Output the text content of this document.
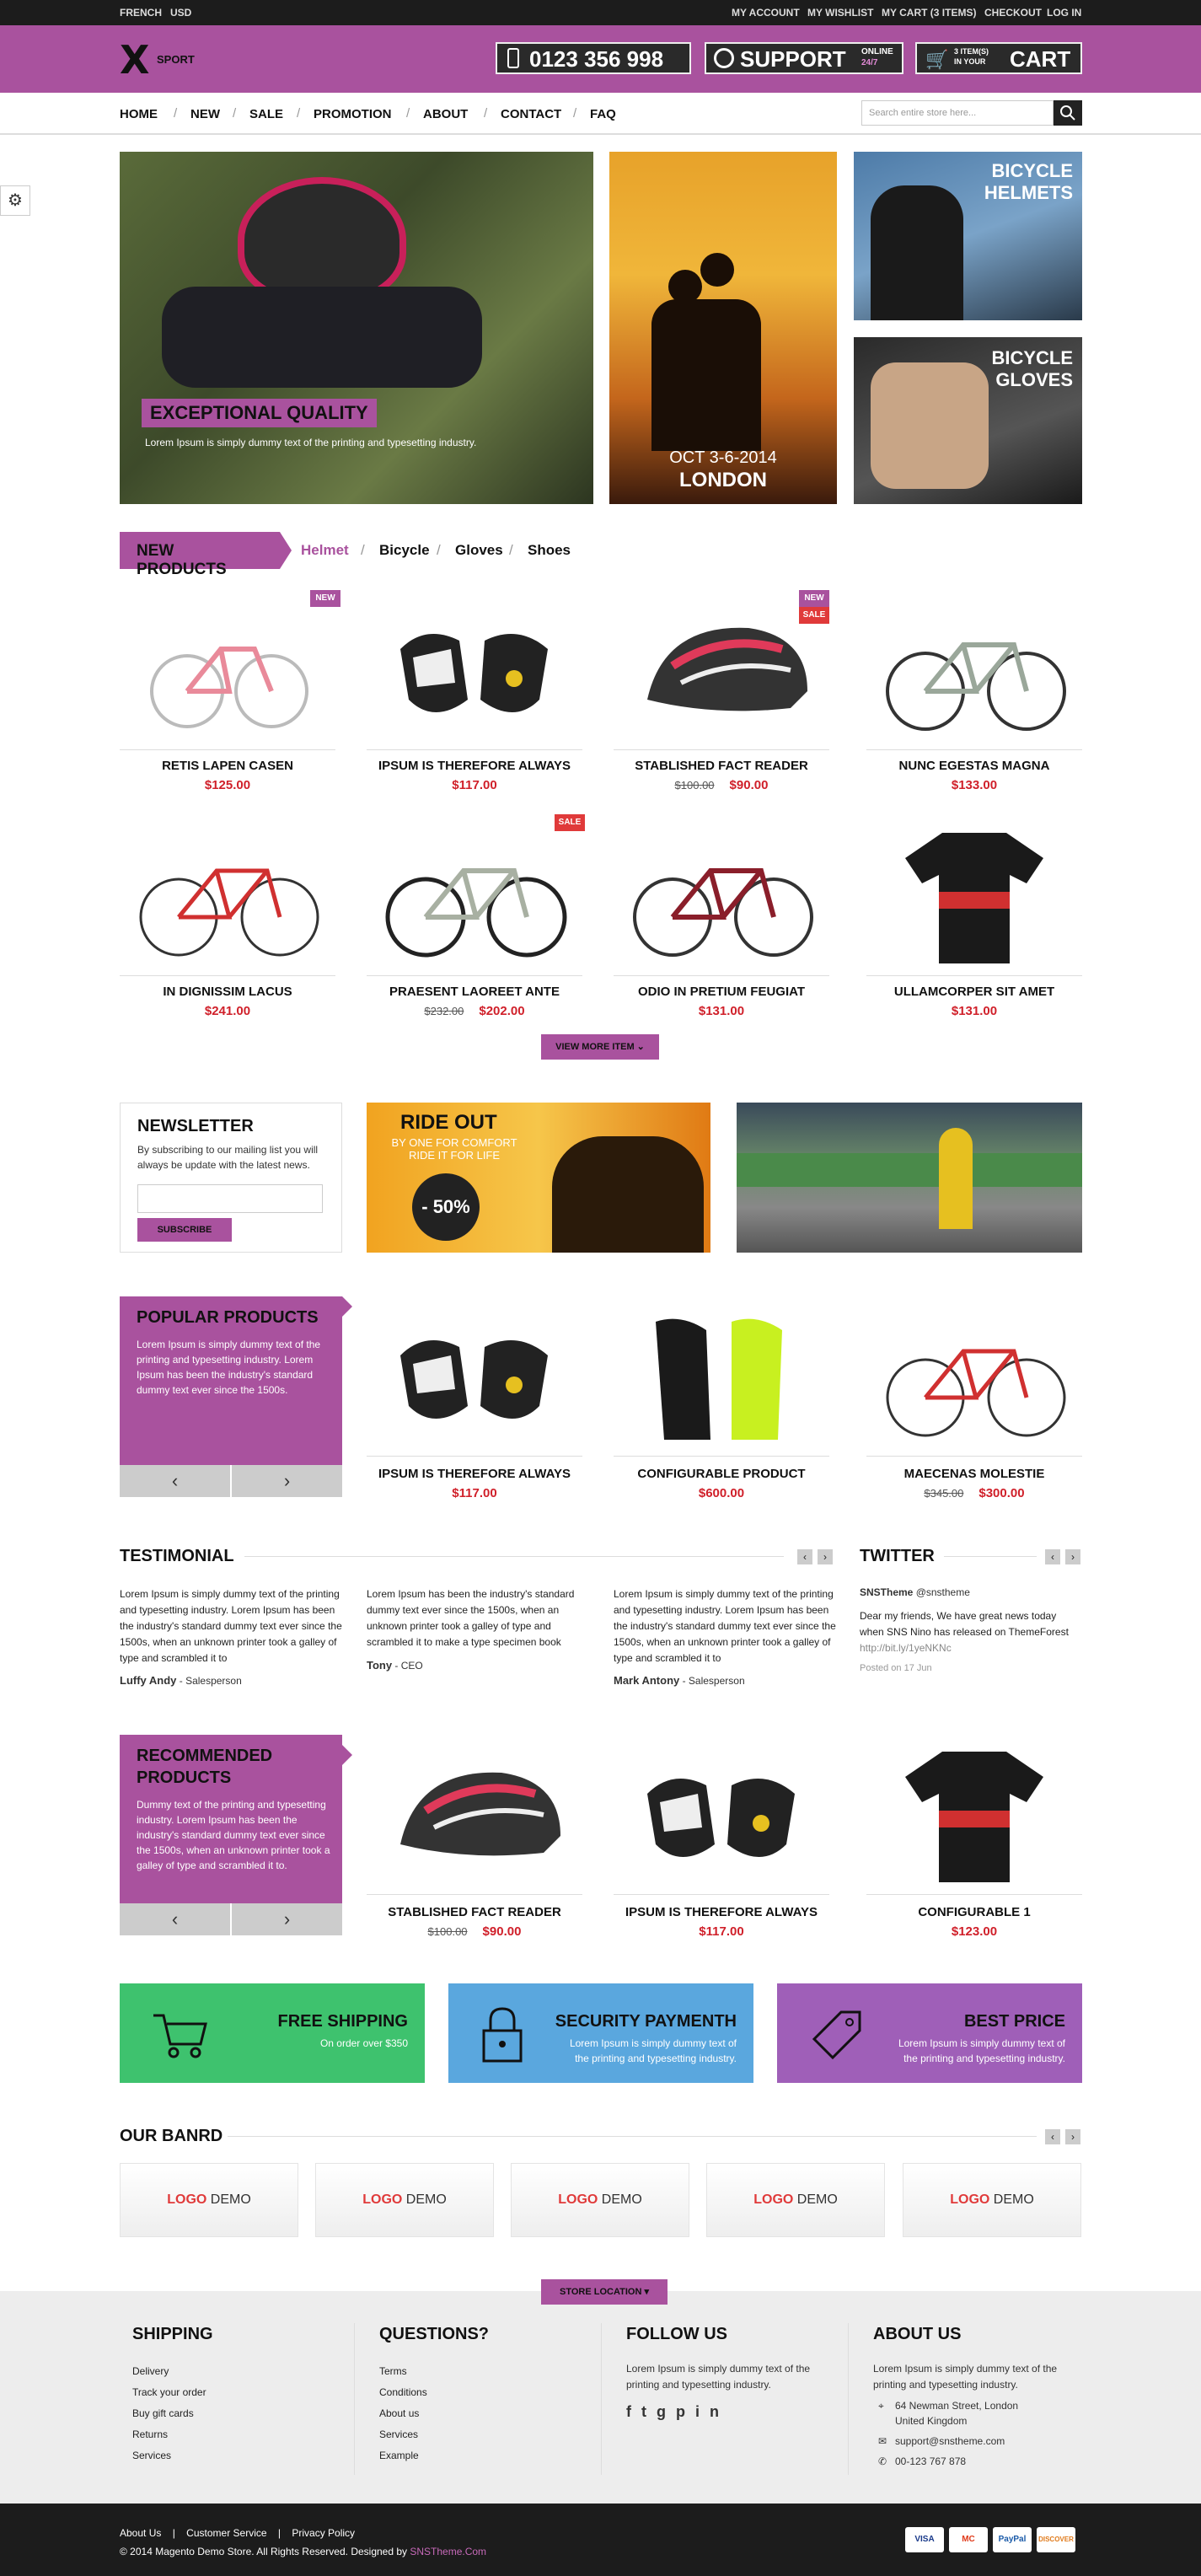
FRENCH USD	MY ACCOUNT MY WISHLIST MY CART (3 ITEMS) CHECKOUT LOG IN
X SPORT	0123 356 998	SUPPORT ONLINE
24/7	🛒 3 ITEM(S)
IN YOUR CART
HOME / NEW / SALE / PROMOTION / ABOUT / CONTACT / FAQ	Search entire store here...
⚙
EXCEPTIONAL QUALITY
Lorem Ipsum is simply dummy text of the printing and typesetting industry.
OCT 3-6-2014
LONDON
BICYCLE HELMETS
BICYCLE GLOVES
NEW PRODUCTS
Helmet / Bicycle / Gloves / Shoes
NEW
RETIS LAPEN CASEN
$125.00
IPSUM IS THEREFORE ALWAYS
$117.00
NEW
SALE
STABLISHED FACT READER
$100.00 $90.00
NUNC EGESTAS MAGNA
$133.00
IN DIGNISSIM LACUS
$241.00
SALE
PRAESENT LAOREET ANTE
$232.00 $202.00
ODIO IN PRETIUM FEUGIAT
$131.00
ULLAMCORPER SIT AMET
$131.00
VIEW MORE ITEM ⌄
NEWSLETTER
By subscribing to our mailing list you will always be update with the latest news.
SUBSCRIBE
RIDE OUT
BY ONE FOR COMFORT RIDE IT FOR LIFE
- 50%
POPULAR PRODUCTS
Lorem Ipsum is simply dummy text of the printing and typesetting industry. Lorem Ipsum has been the industry's standard dummy text ever since the 1500s.
‹	›	IPSUM IS THEREFORE ALWAYS
$117.00
CONFIGURABLE PRODUCT
$600.00
MAECENAS MOLESTIE
$345.00 $300.00
TESTIMONIAL	‹	›
Lorem Ipsum is simply dummy text of the printing and typesetting industry. Lorem Ipsum has been the industry's standard dummy text ever since the 1500s, when an unknown printer took a galley of type and scrambled it to
Luffy Andy - Salesperson
Lorem Ipsum has been the industry's standard dummy text ever since the 1500s, when an unknown printer took a galley of type and scrambled it to make a type specimen book
Tony - CEO
Lorem Ipsum is simply dummy text of the printing and typesetting industry. Lorem Ipsum has been the industry's standard dummy text ever since the 1500s, when an unknown printer took a galley of type and scrambled it to
Mark Antony - Salesperson
TWITTER	‹	›
SNSTheme @snstheme
Dear my friends, We have great news today when SNS Nino has released on ThemeForest
http://bit.ly/1yeNKNc
Posted on 17 Jun
RECOMMENDED
PRODUCTS
Dummy text of the printing and typesetting industry. Lorem Ipsum has been the industry's standard dummy text ever since the 1500s, when an unknown printer took a galley of type and scrambled it to.
‹	›	STABLISHED FACT READER
$100.00 $90.00
IPSUM IS THEREFORE ALWAYS
$117.00
CONFIGURABLE 1
$123.00
FREE SHIPPING
On order over $350
SECURITY PAYMENTH
Lorem Ipsum is simply dummy text of the printing and typesetting industry.
BEST PRICE
Lorem Ipsum is simply dummy text of the printing and typesetting industry.
OUR BANRD	‹	›
LOGO DEMO	LOGO DEMO	LOGO DEMO	LOGO DEMO	LOGO DEMO
STORE LOCATION ▾
SHIPPING
Delivery
Track your order
Buy gift cards
Returns
Services
QUESTIONS?
Terms
Conditions
About us
Services
Example
FOLLOW US
Lorem Ipsum is simply dummy text of the printing and typesetting industry.
ftgpin
ABOUT US
Lorem Ipsum is simply dummy text of the printing and typesetting industry.
⌖ 64 Newman Street, London
United Kingdom
✉ support@snstheme.com
✆ 00-123 767 878
About Us | Customer Service | Privacy Policy
© 2014 Magento Demo Store. All Rights Reserved. Designed by SNSTheme.Com
VISA	MC	PayPal	DISCOVER
